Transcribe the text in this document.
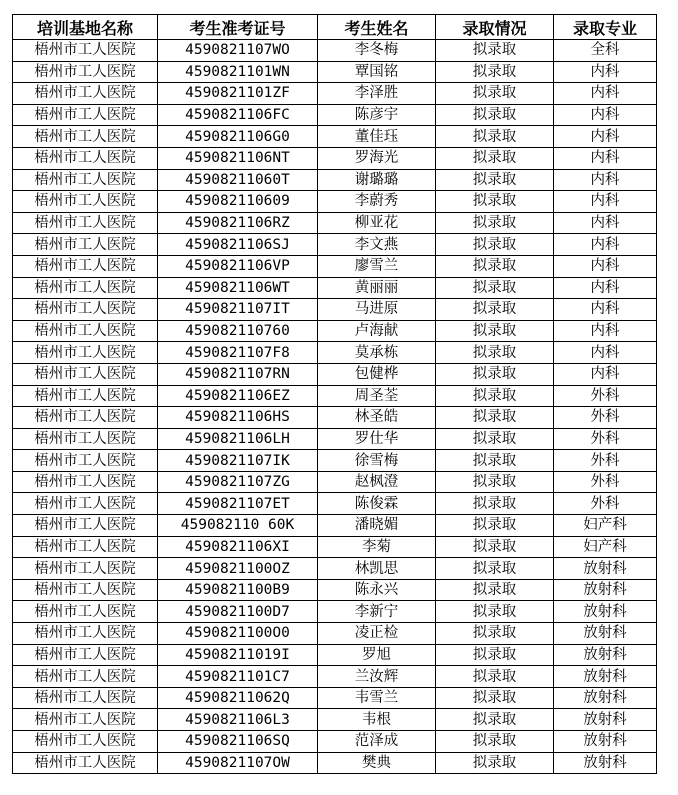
培训基地名称	考生准考证号	考生姓名	录取情况	录取专业
梧州市工人医院	4590821107WO	李冬梅	拟录取	全科
梧州市工人医院	4590821101WN	覃国铭	拟录取	内科
梧州市工人医院	4590821101ZF	李泽胜	拟录取	内科
梧州市工人医院	4590821106FC	陈彦宇	拟录取	内科
梧州市工人医院	4590821106G0	董佳珏	拟录取	内科
梧州市工人医院	4590821106NT	罗海光	拟录取	内科
梧州市工人医院	45908211060T	谢璐璐	拟录取	内科
梧州市工人医院	459082110609	李蔚秀	拟录取	内科
梧州市工人医院	4590821106RZ	柳亚花	拟录取	内科
梧州市工人医院	4590821106SJ	李文燕	拟录取	内科
梧州市工人医院	4590821106VP	廖雪兰	拟录取	内科
梧州市工人医院	4590821106WT	黄丽丽	拟录取	内科
梧州市工人医院	4590821107IT	马进原	拟录取	内科
梧州市工人医院	459082110760	卢海献	拟录取	内科
梧州市工人医院	4590821107F8	莫承栋	拟录取	内科
梧州市工人医院	4590821107RN	包健桦	拟录取	内科
梧州市工人医院	4590821106EZ	周圣荃	拟录取	外科
梧州市工人医院	4590821106HS	林圣皓	拟录取	外科
梧州市工人医院	4590821106LH	罗仕华	拟录取	外科
梧州市工人医院	4590821107IK	徐雪梅	拟录取	外科
梧州市工人医院	4590821107ZG	赵枫澄	拟录取	外科
梧州市工人医院	4590821107ET	陈俊霖	拟录取	外科
梧州市工人医院	459082110 60K	潘晓媚	拟录取	妇产科
梧州市工人医院	4590821106XI	李菊	拟录取	妇产科
梧州市工人医院	4590821100OZ	林凯思	拟录取	放射科
梧州市工人医院	4590821100B9	陈永兴	拟录取	放射科
梧州市工人医院	4590821100D7	李新宁	拟录取	放射科
梧州市工人医院	4590821100O0	凌正检	拟录取	放射科
梧州市工人医院	45908211019I	罗旭	拟录取	放射科
梧州市工人医院	4590821101C7	兰汝辉	拟录取	放射科
梧州市工人医院	45908211062Q	韦雪兰	拟录取	放射科
梧州市工人医院	4590821106L3	韦根	拟录取	放射科
梧州市工人医院	4590821106SQ	范泽成	拟录取	放射科
梧州市工人医院	4590821107OW	樊典	拟录取	放射科
